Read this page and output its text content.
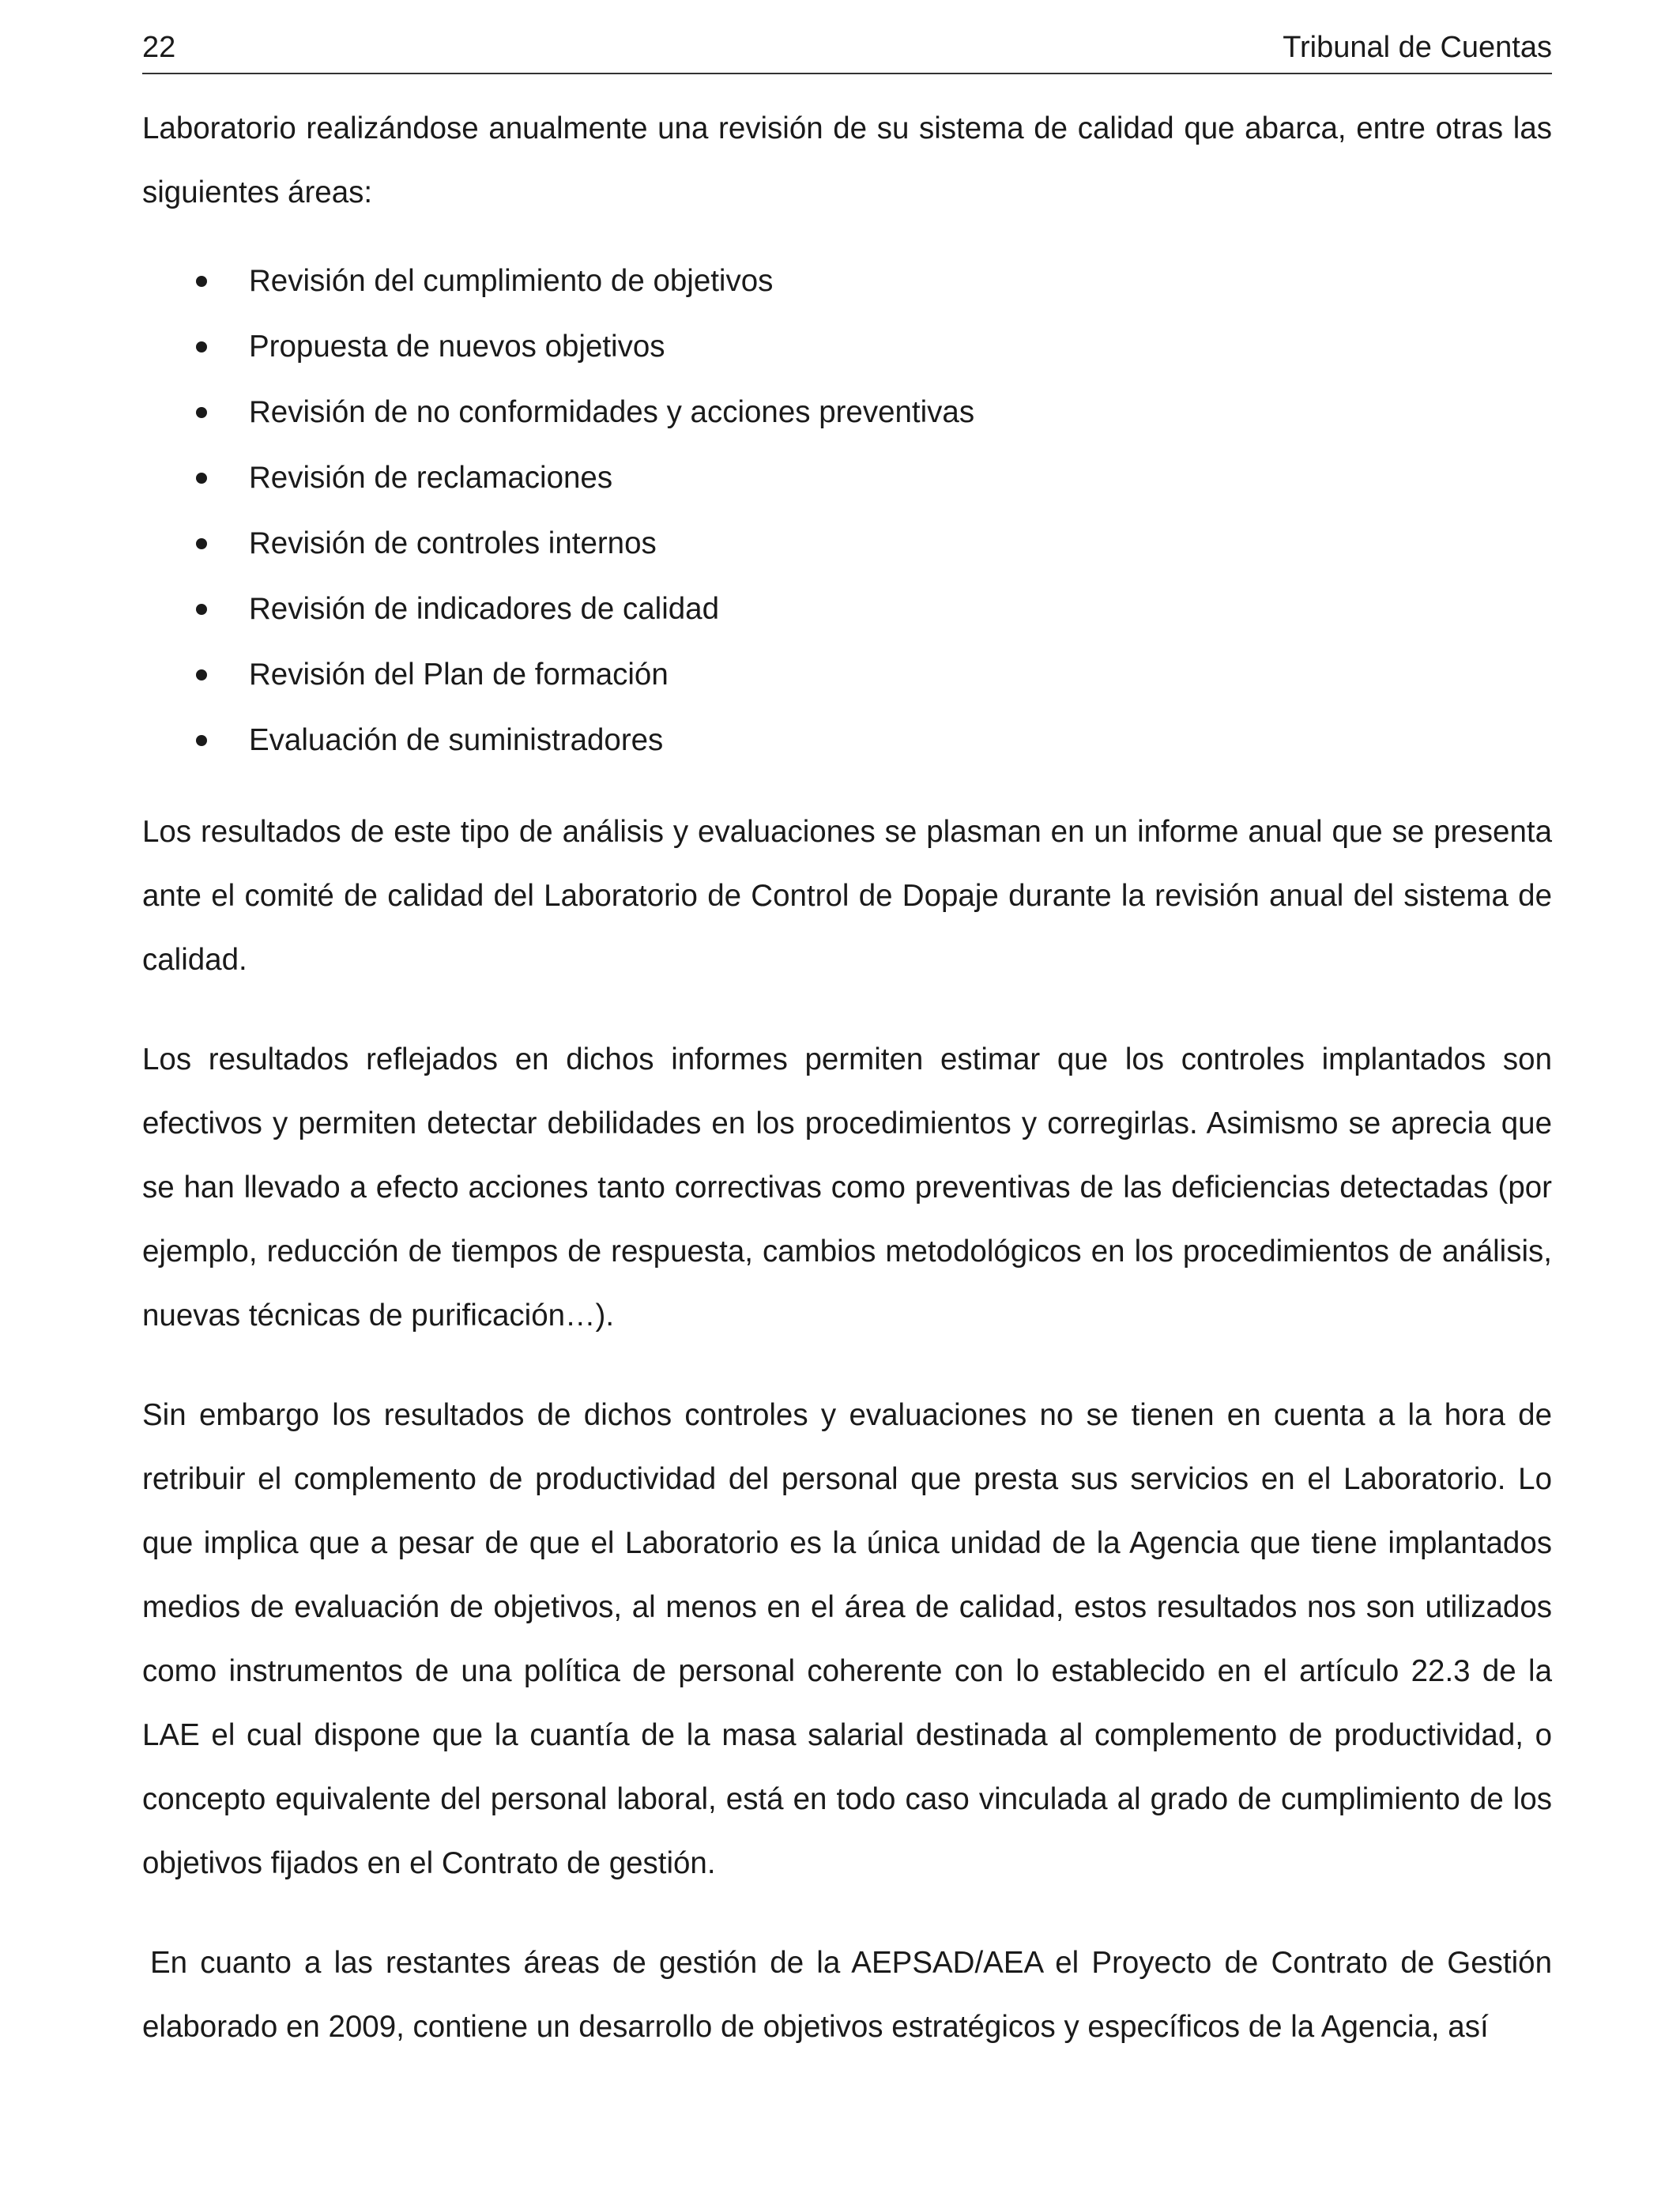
22	Tribunal de Cuentas

Laboratorio realizándose anualmente una revisión de su sistema de calidad que abarca, entre otras las siguientes áreas:

Revisión del cumplimiento de objetivos
Propuesta de nuevos objetivos
Revisión de no conformidades y acciones preventivas
Revisión de reclamaciones
Revisión de controles internos
Revisión de indicadores de calidad
Revisión del Plan de formación
Evaluación de suministradores

Los resultados de este tipo de análisis y evaluaciones se plasman en un informe anual que se presenta ante el comité de calidad del Laboratorio de Control de Dopaje durante la revisión anual del sistema de calidad.

Los resultados reflejados en dichos informes permiten estimar que los controles implantados son efectivos y permiten detectar debilidades en los procedimientos y corregirlas. Asimismo se aprecia que se han llevado a efecto acciones tanto correctivas como preventivas de las deficiencias detectadas (por ejemplo, reducción de tiempos de respuesta, cambios metodológicos en los procedimientos de análisis, nuevas técnicas de purificación…).

Sin embargo los resultados de dichos controles y evaluaciones no se tienen en cuenta a la hora de retribuir el complemento de productividad del personal que presta sus servicios en el Laboratorio. Lo que implica que a pesar de que el Laboratorio es la única unidad de la Agencia que tiene implantados medios de evaluación de objetivos, al menos en el área de calidad, estos resultados nos son utilizados como instrumentos de una política de personal coherente con lo establecido en el artículo 22.3 de la LAE el cual dispone que la cuantía de la masa salarial destinada al complemento de productividad, o concepto equivalente del personal laboral, está en todo caso vinculada al grado de cumplimiento de los objetivos fijados en el Contrato de gestión.

En cuanto a las restantes áreas de gestión de la AEPSAD/AEA el Proyecto de Contrato de Gestión elaborado en 2009, contiene un desarrollo de objetivos estratégicos y específicos de la Agencia, así
